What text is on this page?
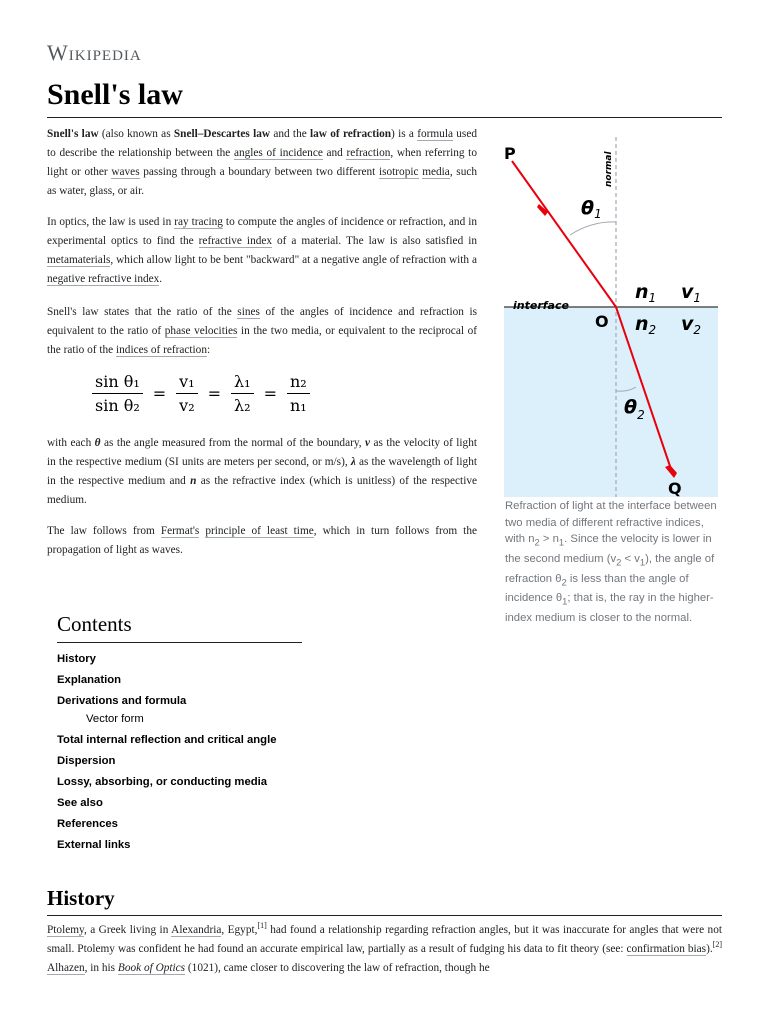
Wikipedia
Snell's law

Snell's law (also known as Snell–Descartes law and the law of refraction) is a formula used to describe the relationship between the angles of incidence and refraction, when referring to light or other waves passing through a boundary between two different isotropic media, such as water, glass, or air.

In optics, the law is used in ray tracing to compute the angles of incidence or refraction, and in experimental optics to find the refractive index of a material. The law is also satisfied in metamaterials, which allow light to be bent "backward" at a negative angle of refraction with a negative refractive index.

Snell's law states that the ratio of the sines of the angles of incidence and refraction is equivalent to the ratio of phase velocities in the two media, or equivalent to the reciprocal of the ratio of the indices of refraction:

$\frac{\text{sin θ₁}}{\text{sin θ₂}} = \frac{\text{v₁}}{\text{v₂}} = \frac{\text{λ₁}}{\text{λ₂}} = \frac{\text{n₂}}{\text{n₁}}$

with each θ as the angle measured from the normal of the boundary, v as the velocity of light in the respective medium (SI units are meters per second, or m/s), λ as the wavelength of light in the respective medium and n as the refractive index (which is unitless) of the respective medium.

The law follows from Fermat's principle of least time, which in turn follows from the propagation of light as waves.

P	normal
$\theta_1$
$n_1$ $v_1$
interface
O $n_2$ $v_2$
$\theta_2$
Q

Refraction of light at the interface between two media of different refractive indices, with $n_2 > n_1$. Since the velocity is lower in the second medium $(v_2 < v_1)$, the angle of refraction $\theta_2$ is less than the angle of incidence $\theta_1$; that is, the ray in the higher-index medium is closer to the normal.

Contents
History
Explanation
Derivations and formula
Vector form
Total internal reflection and critical angle
Dispersion
Lossy, absorbing, or conducting media
See also
References
External links
History

Ptolemy, a Greek living in Alexandria, Egypt,[1] had found a relationship regarding refraction angles, but it was inaccurate for angles that were not small. Ptolemy was confident he had found an accurate empirical law, partially as a result of fudging his data to fit theory (see: confirmation bias).[2] Alhazen, in his Book of Optics (1021), came closer to discovering the law of refraction, though he
